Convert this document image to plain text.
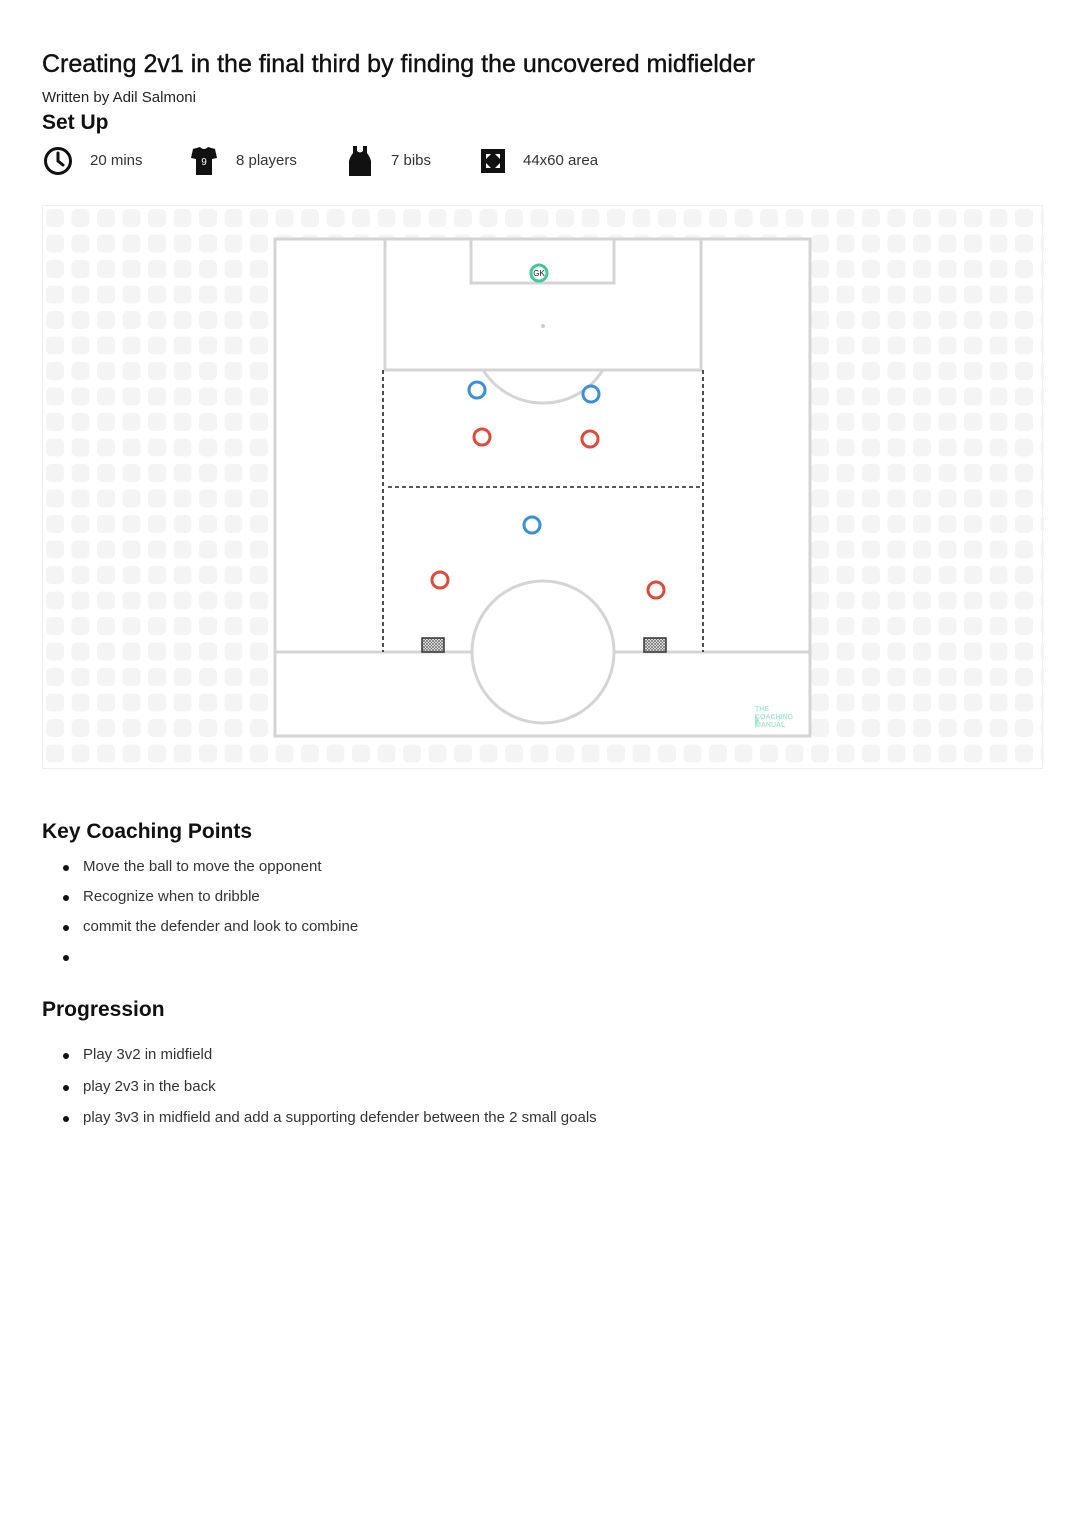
Creating 2v1 in the final third by finding the uncovered midfielder
Written by Adil Salmoni
Set Up
20 mins	9 8 players	7 bibs	44x60 area
GK
THE
COACHING
MANUAL
Key Coaching Points
Move the ball to move the opponent
Recognize when to dribble
commit the defender and look to combine
Progression
Play 3v2 in midfield
play 2v3 in the back
play 3v3 in midfield and add a supporting defender between the 2 small goals
